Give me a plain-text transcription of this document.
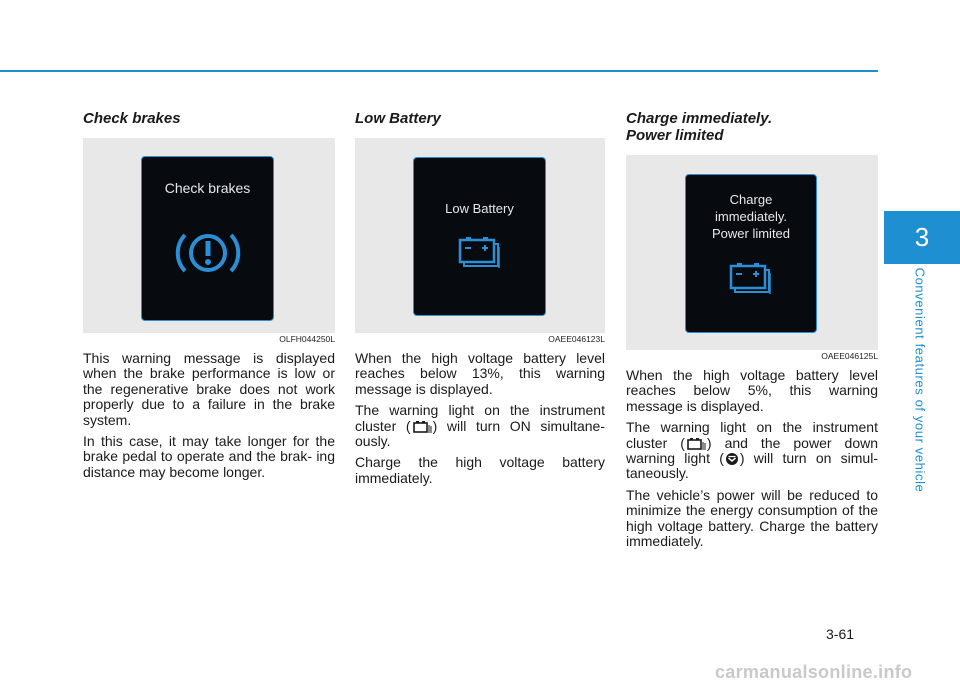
3
Convenient features of your vehicle
Check brakes
Check brakes
OLFH044250L

This warning message is displayed when the brake performance is low or the regenerative brake does not work properly due to a failure in the brake system.

In this case, it may take longer for the brake pedal to operate and the brak- ing distance may become longer.

Low Battery
Low Battery
OAEE046123L

When the high voltage battery level reaches below 13%, this warning message is displayed.

The warning light on the instrument cluster ( ) will turn ON simultane- ously.

Charge the high voltage battery immediately.

Charge immediately.
Power limited
Charge
immediately.
Power limited
OAEE046125L

When the high voltage battery level reaches below 5%, this warning message is displayed.

The warning light on the instrument cluster ( ) and the power down warning light ( ) will turn on simul- taneously.

The vehicle’s power will be reduced to minimize the energy consumption of the high voltage battery. Charge the battery immediately.

3-61
carmanualsonline.info
